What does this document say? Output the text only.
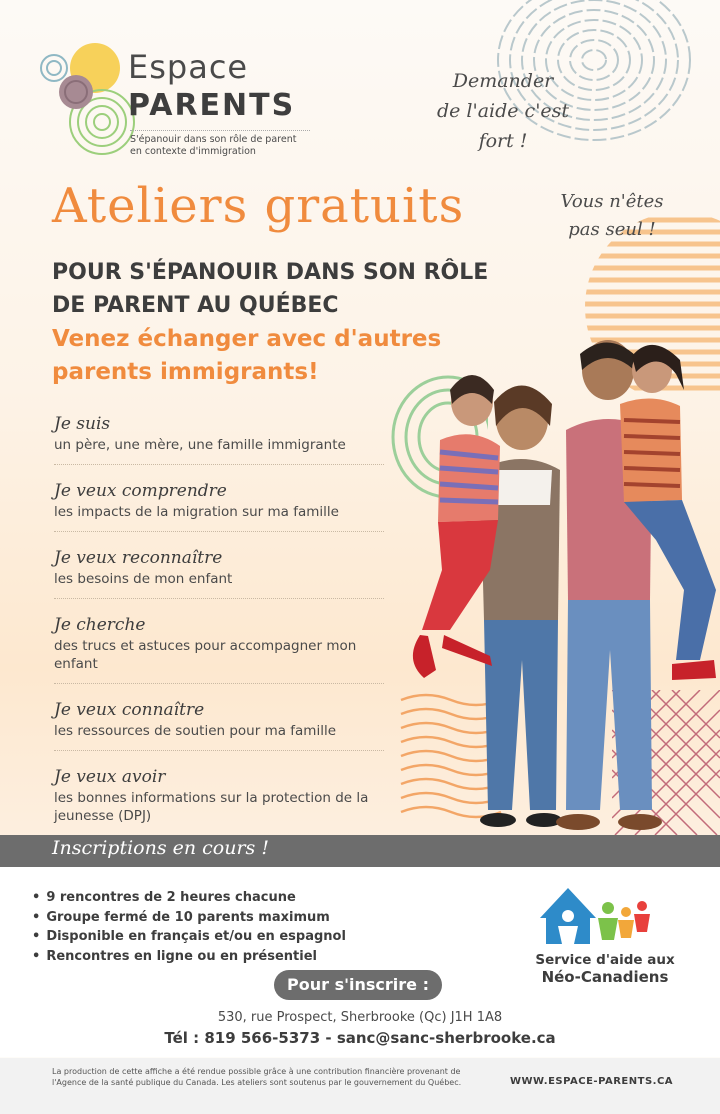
Espace
PARENTS
S'épanouir dans son rôle de parent en contexte d'immigration
Demander
de l'aide c'est
fort !
Vous n'êtes
pas seul !
Ateliers gratuits
POUR S'ÉPANOUIR DANS SON RÔLE DE PARENT AU QUÉBEC
Venez échanger avec d'autres parents immigrants!
Je suis
un père, une mère, une famille immigrante
Je veux comprendre
les impacts de la migration sur ma famille
Je veux reconnaître
les besoins de mon enfant
Je cherche
des trucs et astuces pour accompagner mon enfant
Je veux connaître
les ressources de soutien pour ma famille
Je veux avoir
les bonnes informations sur la protection de la jeunesse (DPJ)
Inscriptions en cours !
• 9 rencontres de 2 heures chacune
• Groupe fermé de 10 parents maximum
• Disponible en français et/ou en espagnol
• Rencontres en ligne ou en présentiel	Service d'aide aux
Néo-Canadiens
Pour s'inscrire :
530, rue Prospect, Sherbrooke (Qc) J1H 1A8
Tél : 819 566-5373 - sanc@sanc-sherbrooke.ca
La production de cette affiche a été rendue possible grâce à une contribution financière provenant de l'Agence de la santé publique du Canada. Les ateliers sont soutenus par le gouvernement du Québec.	WWW.ESPACE-PARENTS.CA
